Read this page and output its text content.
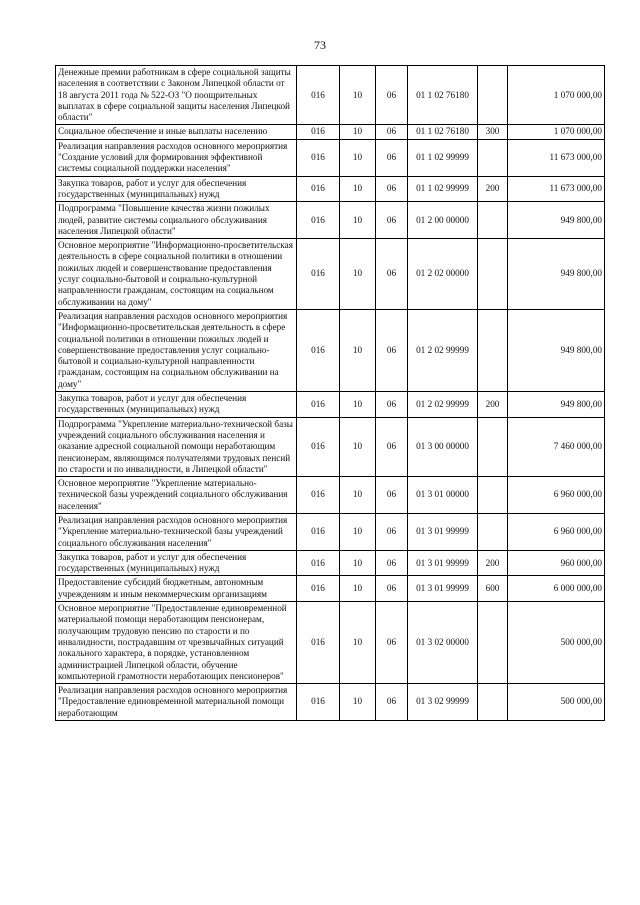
73
Денежные премии работникам в сфере социальной защиты населения в соответствии с Законом Липецкой области от 18 августа 2011 года № 522-ОЗ "О поощрительных выплатах в сфере социальной защиты населения Липецкой области"	016	10	06	01 1 02 76180		1 070 000,00
Социальное обеспечение и иные выплаты населению	016	10	06	01 1 02 76180	300	1 070 000,00
Реализация направления расходов основного мероприятия "Создание условий для формирования эффективной системы социальной поддержки населения"	016	10	06	01 1 02 99999		11 673 000,00
Закупка товаров, работ и услуг для обеспечения государственных (муниципальных) нужд	016	10	06	01 1 02 99999	200	11 673 000,00
Подпрограмма "Повышение качества жизни пожилых людей, развитие системы социального обслуживания населения Липецкой области"	016	10	06	01 2 00 00000		949 800,00
Основное мероприятие "Информационно-просветительская деятельность в сфере социальной политики в отношении пожилых людей и совершенствование предоставления услуг социально-бытовой и социально-культурной направленности гражданам, состоящим на социальном обслуживании на дому"	016	10	06	01 2 02 00000		949 800,00
Реализация направления расходов основного мероприятия "Информационно-просветительская деятельность в сфере социальной политики в отношении пожилых людей и совершенствование предоставления услуг социально-бытовой и социально-культурной направленности гражданам, состоящим на социальном обслуживании на дому"	016	10	06	01 2 02 99999		949 800,00
Закупка товаров, работ и услуг для обеспечения государственных (муниципальных) нужд	016	10	06	01 2 02 99999	200	949 800,00
Подпрограмма "Укрепление материально-технической базы учреждений социального обслуживания населения и оказание адресной социальной помощи неработающим пенсионерам, являющимся получателями трудовых пенсий по старости и по инвалидности, в Липецкой области"	016	10	06	01 3 00 00000		7 460 000,00
Основное мероприятие "Укрепление материально-технической базы учреждений социального обслуживания населения"	016	10	06	01 3 01 00000		6 960 000,00
Реализация направления расходов основного мероприятия "Укрепление материально-технической базы учреждений социального обслуживания населения"	016	10	06	01 3 01 99999		6 960 000,00
Закупка товаров, работ и услуг для обеспечения государственных (муниципальных) нужд	016	10	06	01 3 01 99999	200	960 000,00
Предоставление субсидий бюджетным, автономным учреждениям и иным некоммерческим организациям	016	10	06	01 3 01 99999	600	6 000 000,00
Основное мероприятие "Предоставление единовременной материальной помощи неработающим пенсионерам, получающим трудовую пенсию по старости и по инвалидности, пострадавшим от чрезвычайных ситуаций локального характера, в порядке, установленном администрацией Липецкой области, обучение компьютерной грамотности неработающих пенсионеров"	016	10	06	01 3 02 00000		500 000,00
Реализация направления расходов основного мероприятия "Предоставление единовременной материальной помощи неработающим	016	10	06	01 3 02 99999		500 000,00
